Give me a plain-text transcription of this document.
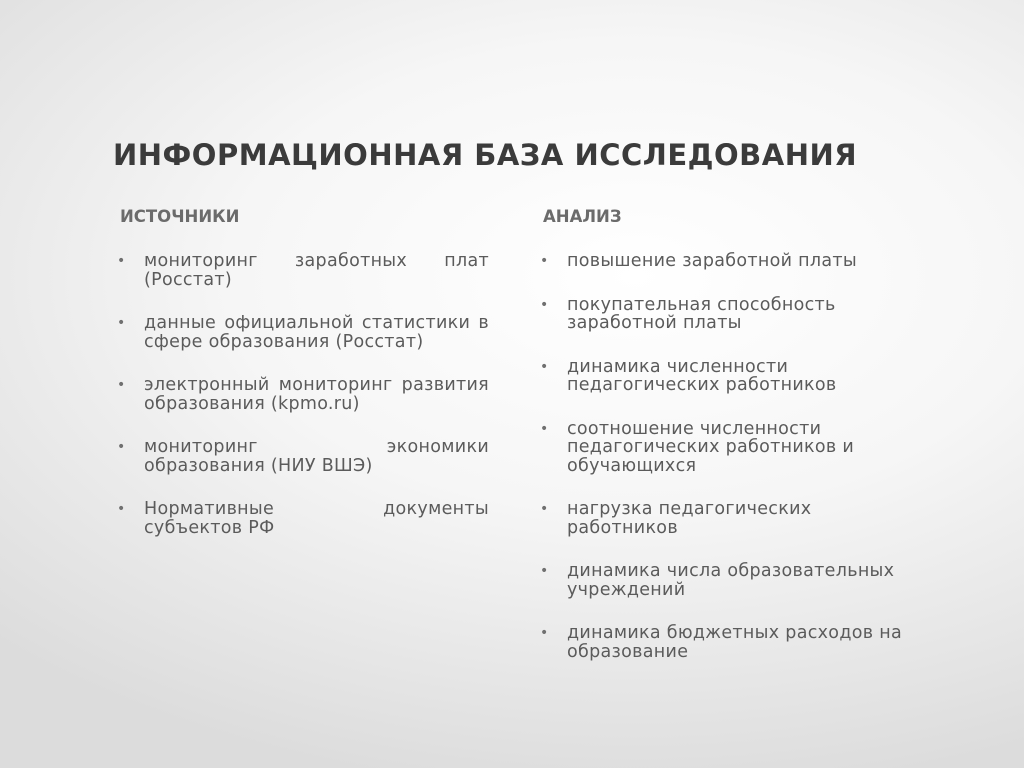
ИНФОРМАЦИОННАЯ БАЗА ИССЛЕДОВАНИЯ
ИСТОЧНИКИ	АНАЛИЗ
• мониторинг заработных плат (Росстат)
• данные официальной статистики в сфере образования (Росстат)
• электронный мониторинг развития образования (kpmo.ru)
• мониторинг экономики образования (НИУ ВШЭ)
• Нормативные документы субъектов РФ
• повышение заработной платы
• покупательная способность заработной платы
• динамика численности педагогических работников
• соотношение численности педагогических работников и обучающихся
• нагрузка педагогических работников
• динамика числа образовательных учреждений
• динамика бюджетных расходов на образование
